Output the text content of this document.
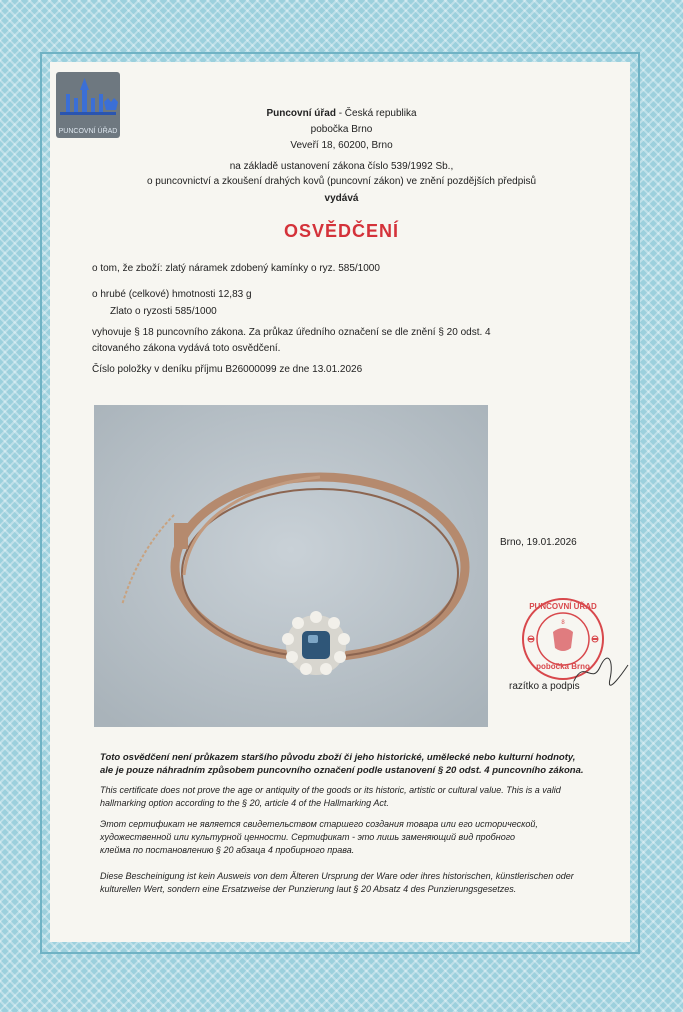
PUNCOVNÍ ÚŘAD
Puncovní úřad - Česká republika
pobočka Brno
Veveří 18, 60200, Brno
na základě ustanovení zákona číslo 539/1992 Sb.,
o puncovnictví a zkoušení drahých kovů (puncovní zákon) ve znění pozdějších předpisů
vydává
OSVĚDČENÍ
o tom, že zboží: zlatý náramek zdobený kamínky o ryz. 585/1000
o hrubé (celkové) hmotnosti 12,83 g
Zlato o ryzosti 585/1000
vyhovuje § 18 puncovního zákona. Za průkaz úředního označení se dle znění § 20 odst. 4
citovaného zákona vydává toto osvědčení.
Číslo položky v deníku příjmu B26000099 ze dne 13.01.2026
Brno, 19.01.2026
PUNCOVNÍ ÚŘAD
8
pobočka Brno
razítko a podpis
Toto osvědčení není průkazem staršího původu zboží či jeho historické, umělecké nebo kulturní hodnoty,
ale je pouze náhradním způsobem puncovního označení podle ustanovení § 20 odst. 4 puncovního zákona.
This certificate does not prove the age or antiquity of the goods or its historic, artistic or cultural value. This is a valid
hallmarking option according to the § 20, article 4 of the Hallmarking Act.
Этот сертификат не является свидетельством старшего создания товара или его исторической,
художественной или культурной ценности. Сертификат - это лишь заменяющий вид пробного
клейма по постановлению § 20 абзаца 4 пробирного права.
Diese Bescheinigung ist kein Ausweis von dem Älteren Ursprung der Ware oder ihres historischen, künstlerischen oder
kulturellen Wert, sondern eine Ersatzweise der Punzierung laut § 20 Absatz 4 des Punzierungsgesetzes.
